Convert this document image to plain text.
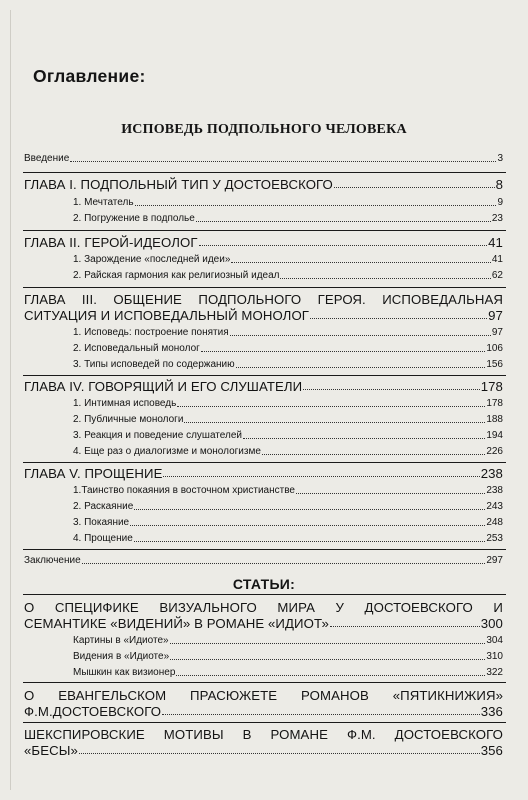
Оглавление:
ИСПОВЕДЬ ПОДПОЛЬНОГО ЧЕЛОВЕКА
Введение	3
ГЛАВА I. ПОДПОЛЬНЫЙ ТИП У ДОСТОЕВСКОГО	8
1. Мечтатель	9
2. Погружение в подполье	23
ГЛАВА II. ГЕРОЙ-ИДЕОЛОГ	41
1. Зарождение «последней идеи»	41
2. Райская гармония как религиозный идеал	62
ГЛАВА III. ОБЩЕНИЕ ПОДПОЛЬНОГО ГЕРОЯ. ИСПОВЕДАЛЬНАЯ
СИТУАЦИЯ И ИСПОВЕДАЛЬНЫЙ МОНОЛОГ	97
1. Исповедь: построение понятия	97
2. Исповедальный монолог	106
3. Типы исповедей по содержанию	156
ГЛАВА IV. ГОВОРЯЩИЙ И ЕГО СЛУШАТЕЛИ	178
1. Интимная исповедь	178
2. Публичные монологи	188
3. Реакция и поведение слушателей	194
4. Еще раз о диалогизме и монологизме	226
ГЛАВА V. ПРОЩЕНИЕ	238
1.Таинство покаяния в восточном христианстве	238
2. Раскаяние	243
3. Покаяние	248
4. Прощение	253
Заключение	297
СТАТЬИ:
О СПЕЦИФИКЕ ВИЗУАЛЬНОГО МИРА У ДОСТОЕВСКОГО И
СЕМАНТИКЕ «ВИДЕНИЙ» В РОМАНЕ «ИДИОТ»	300
Картины в «Идиоте»	304
Видения в «Идиоте»	310
Мышкин как визионер	322
О ЕВАНГЕЛЬСКОМ ПРАСЮЖЕТЕ РОМАНОВ «ПЯТИКНИЖИЯ»
Ф.М.ДОСТОЕВСКОГО	336
ШЕКСПИРОВСКИЕ МОТИВЫ В РОМАНЕ Ф.М. ДОСТОЕВСКОГО
«БЕСЫ»	356
